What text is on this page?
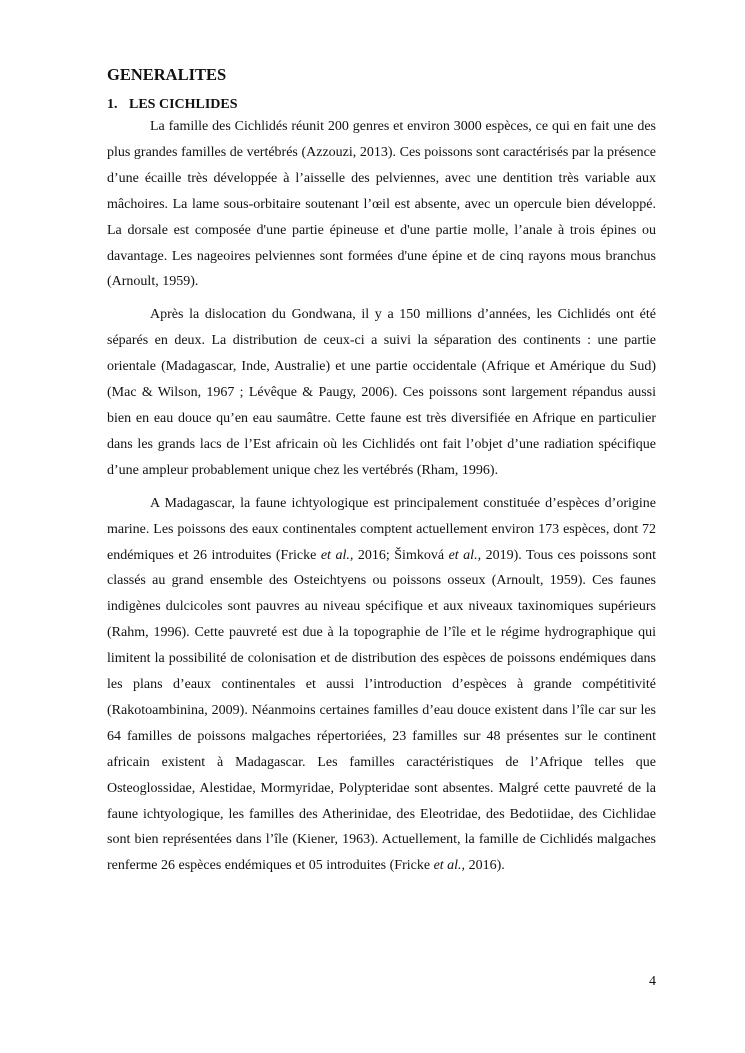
GENERALITES
1. LES CICHLIDES

La famille des Cichlidés réunit 200 genres et environ 3000 espèces, ce qui en fait une des plus grandes familles de vertébrés (Azzouzi, 2013). Ces poissons sont caractérisés par la présence d’une écaille très développée à l’aisselle des pelviennes, avec une dentition très variable aux mâchoires. La lame sous-orbitaire soutenant l’œil est absente, avec un opercule bien développé. La dorsale est composée d'une partie épineuse et d'une partie molle, l’anale à trois épines ou davantage. Les nageoires pelviennes sont formées d'une épine et de cinq rayons mous branchus (Arnoult, 1959).

Après la dislocation du Gondwana, il y a 150 millions d’années, les Cichlidés ont été séparés en deux. La distribution de ceux-ci a suivi la séparation des continents : une partie orientale (Madagascar, Inde, Australie) et une partie occidentale (Afrique et Amérique du Sud) (Mac & Wilson, 1967 ; Lévêque & Paugy, 2006). Ces poissons sont largement répandus aussi bien en eau douce qu’en eau saumâtre. Cette faune est très diversifiée en Afrique en particulier dans les grands lacs de l’Est africain où les Cichlidés ont fait l’objet d’une radiation spécifique d’une ampleur probablement unique chez les vertébrés (Rham, 1996).

A Madagascar, la faune ichtyologique est principalement constituée d’espèces d’origine marine. Les poissons des eaux continentales comptent actuellement environ 173 espèces, dont 72 endémiques et 26 introduites (Fricke et al., 2016; Šimková et al., 2019). Tous ces poissons sont classés au grand ensemble des Osteichtyens ou poissons osseux (Arnoult, 1959). Ces faunes indigènes dulcicoles sont pauvres au niveau spécifique et aux niveaux taxinomiques supérieurs (Rahm, 1996). Cette pauvreté est due à la topographie de l’île et le régime hydrographique qui limitent la possibilité de colonisation et de distribution des espèces de poissons endémiques dans les plans d’eaux continentales et aussi l’introduction d’espèces à grande compétitivité (Rakotoambinina, 2009). Néanmoins certaines familles d’eau douce existent dans l’île car sur les 64 familles de poissons malgaches répertoriées, 23 familles sur 48 présentes sur le continent africain existent à Madagascar. Les familles caractéristiques de l’Afrique telles que Osteoglossidae, Alestidae, Mormyridae, Polypteridae sont absentes. Malgré cette pauvreté de la faune ichtyologique, les familles des Atherinidae, des Eleotridae, des Bedotiidae, des Cichlidae sont bien représentées dans l’île (Kiener, 1963). Actuellement, la famille de Cichlidés malgaches renferme 26 espèces endémiques et 05 introduites (Fricke et al., 2016).

4
